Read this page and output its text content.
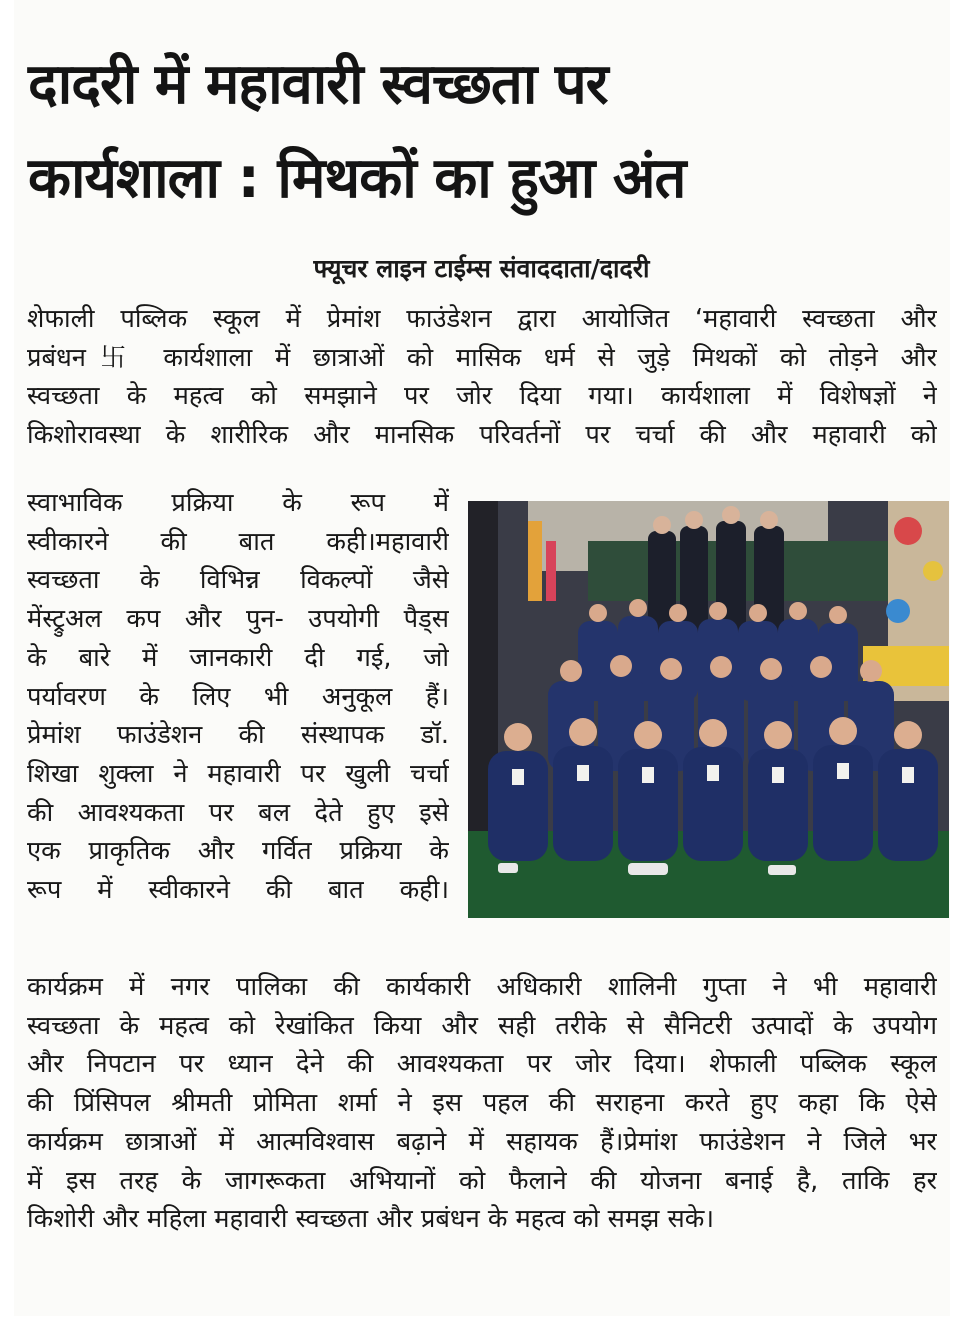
दादरी में महावारी स्वच्छता पर
कार्यशाला : मिथकों का हुआ अंत
फ्यूचर लाइन टाईम्स संवाददाता/दादरी

शेफाली पब्लिक स्कूल में प्रेमांश फाउंडेशन द्वारा आयोजित ‘महावारी स्वच्छता और
प्रबंधन卐 कार्यशाला में छात्राओं को मासिक धर्म से जुड़े मिथकों को तोड़ने और
स्वच्छता के महत्व को समझाने पर जोर दिया गया। कार्यशाला में विशेषज्ञों ने
किशोरावस्था के शारीरिक और मानसिक परिवर्तनों पर चर्चा की और महावारी को

स्वाभाविक प्रक्रिया के रूप में
स्वीकारने की बात कही।महावारी
स्वच्छता के विभिन्न विकल्पों जैसे
मेंस्ट्रुअल कप और पुन- उपयोगी पैड्स
के बारे में जानकारी दी गई, जो
पर्यावरण के लिए भी अनुकूल हैं।
प्रेमांश फाउंडेशन की संस्थापक डॉ.
शिखा शुक्ला ने महावारी पर खुली चर्चा
की आवश्यकता पर बल देते हुए इसे
एक प्राकृतिक और गर्वित प्रक्रिया के
रूप में स्वीकारने की बात कही।

कार्यक्रम में नगर पालिका की कार्यकारी अधिकारी शालिनी गुप्ता ने भी महावारी
स्वच्छता के महत्व को रेखांकित किया और सही तरीके से सैनिटरी उत्पादों के उपयोग
और निपटान पर ध्यान देने की आवश्यकता पर जोर दिया। शेफाली पब्लिक स्कूल
की प्रिंसिपल श्रीमती प्रोमिता शर्मा ने इस पहल की सराहना करते हुए कहा कि ऐसे
कार्यक्रम छात्राओं में आत्मविश्वास बढ़ाने में सहायक हैं।प्रेमांश फाउंडेशन ने जिले भर
में इस तरह के जागरूकता अभियानों को फैलाने की योजना बनाई है, ताकि हर
किशोरी और महिला महावारी स्वच्छता और प्रबंधन के महत्व को समझ सके।
